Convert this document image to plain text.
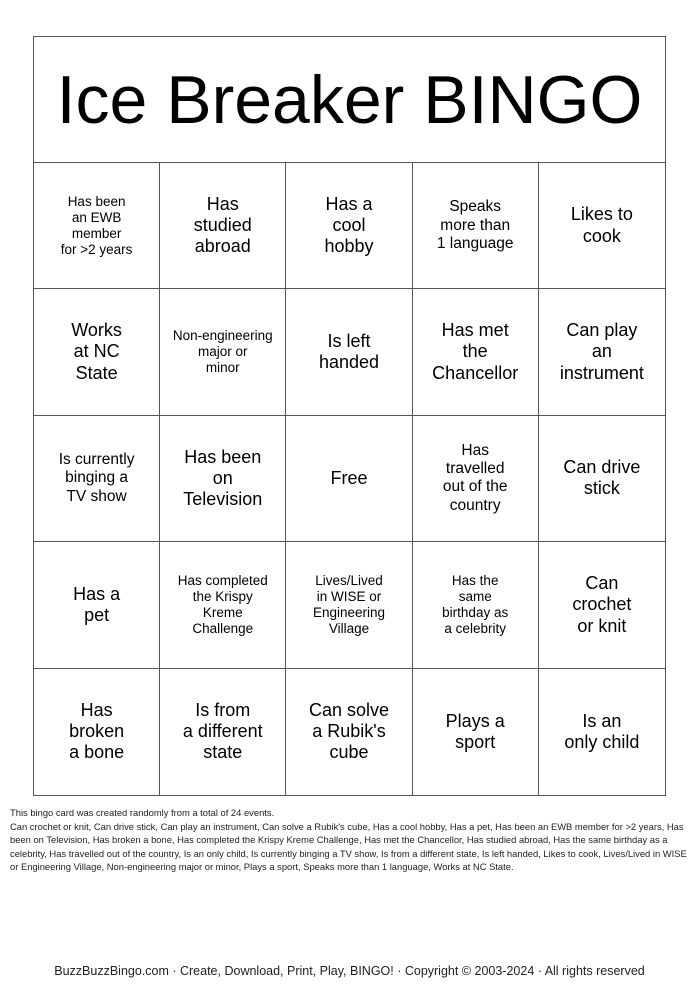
Ice Breaker BINGO
Has been
an EWB
member
for >2 years
Has
studied
abroad
Has a
cool
hobby
Speaks
more than
1 language
Likes to
cook
Works
at NC
State
Non-engineering
major or
minor
Is left
handed
Has met
the
Chancellor
Can play
an
instrument
Is currently
binging a
TV show
Has been
on
Television
Free
Has
travelled
out of the
country
Can drive
stick
Has a
pet
Has completed
the Krispy
Kreme
Challenge
Lives/Lived
in WISE or
Engineering
Village
Has the
same
birthday as
a celebrity
Can
crochet
or knit
Has
broken
a bone
Is from
a different
state
Can solve
a Rubik's
cube
Plays a
sport
Is an
only child
This bingo card was created randomly from a total of 24 events.
Can crochet or knit, Can drive stick, Can play an instrument, Can solve a Rubik's cube, Has a cool hobby, Has a pet, Has been an EWB member for >2 years, Has been on Television, Has broken a bone, Has completed the Krispy Kreme Challenge, Has met the Chancellor, Has studied abroad, Has the same birthday as a celebrity, Has travelled out of the country, Is an only child, Is currently binging a TV show, Is from a different state, Is left handed, Likes to cook, Lives/Lived in WISE or Engineering Village, Non-engineering major or minor, Plays a sport, Speaks more than 1 language, Works at NC State.
BuzzBuzzBingo.com · Create, Download, Print, Play, BINGO! · Copyright © 2003-2024 · All rights reserved
